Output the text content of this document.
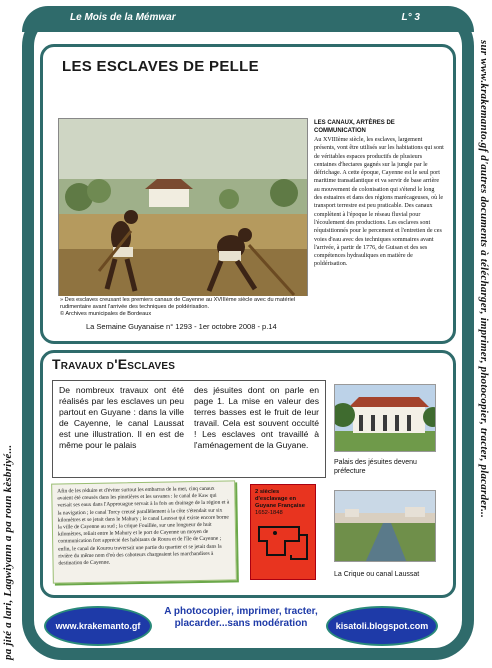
Le Mois de la Mémwar	L° 3
pa jité a lari, Lagwiyann a pa roun kèsbriyé...
sur www.krakemanto.gf d'autres documents à télécharger, imprimer, photocopier, tracter, placarder...
LES ESCLAVES DE PELLE
» Des esclaves creusant les premiers canaux de Cayenne au XVIIIème siècle avec du matériel rudimentaire avant l'arrivée des techniques de poldérisation.
© Archives municipales de Bordeaux
La Semaine Guyanaise n° 1293 - 1er octobre 2008 - p.14
LES CANAUX, ARTÈRES DE COMMUNICATION
Au XVIIIème siècle, les esclaves, largement présents, vont être utilisés sur les habitations qui sont de véritables espaces productifs de plusieurs centaines d'hectares gagnés sur la jungle par le défrichage. A cette époque, Cayenne est le seul port maritime transatlantique et va servir de base arrière au mouvement de colonisation qui s'étend le long des estuaires et dans des régions marécageuses, où le transport terrestre est peu praticable. Des canaux complètent à l'époque le réseau fluvial pour l'écoulement des productions. Les esclaves sont réquisitionnés pour le percement et l'entretien de ces voies d'eau avec des techniques sommaires avant l'arrivée, à partir de 1776, de Guisan et des ses compétences hydrauliques en matière de poldérisation.
Travaux d'Esclaves
De nombreux travaux ont été réalisés par les esclaves un peu partout en Guyane : dans la ville de Cayenne, le canal Laussat est une illustration. Il en est de même pour le palais
des jésuites dont on parle en page 1. La mise en valeur des terres basses est le fruit de leur travail. Cela est souvent occulté ! Les esclaves ont travaillé à l'aménagement de la Guyane.
Palais des jésuites devenu préfecture
La Crique ou canal Laussat
Afin de les réduire et d'éviter surtout les embarras de la mer, cinq canaux avaient été creusés dans les pinotières et les savanes : le canal de Kaw qui versait ses eaux dans l'Approuague servait à la fois au drainage de la région et à la navigation ; le canal Torcy creusé parallèlement à la côte s'étendait sur six kilomètres et se jetait dans le Mahury ; le canal Laussat qui existe encore borne la ville de Cayenne au sud ; la crique Fouillée, sur une longueur de huit kilomètres, reliait entre le Mahury et le port de Cayenne un moyen de communication fort apprécié des habitants de Roura et de l'île de Cayenne ; enfin, le canal de Kourou traversait une partie du quartier et se jetait dans la rivière du même nom d'où des caboteurs chargeaient les marchandises à destination de Cayenne.
2 siècles d'esclavage en Guyane Française
1652-1848
www.krakemanto.gf
A photocopier, imprimer, tracter, placarder...sans modération	kisatoli.blogspot.com
